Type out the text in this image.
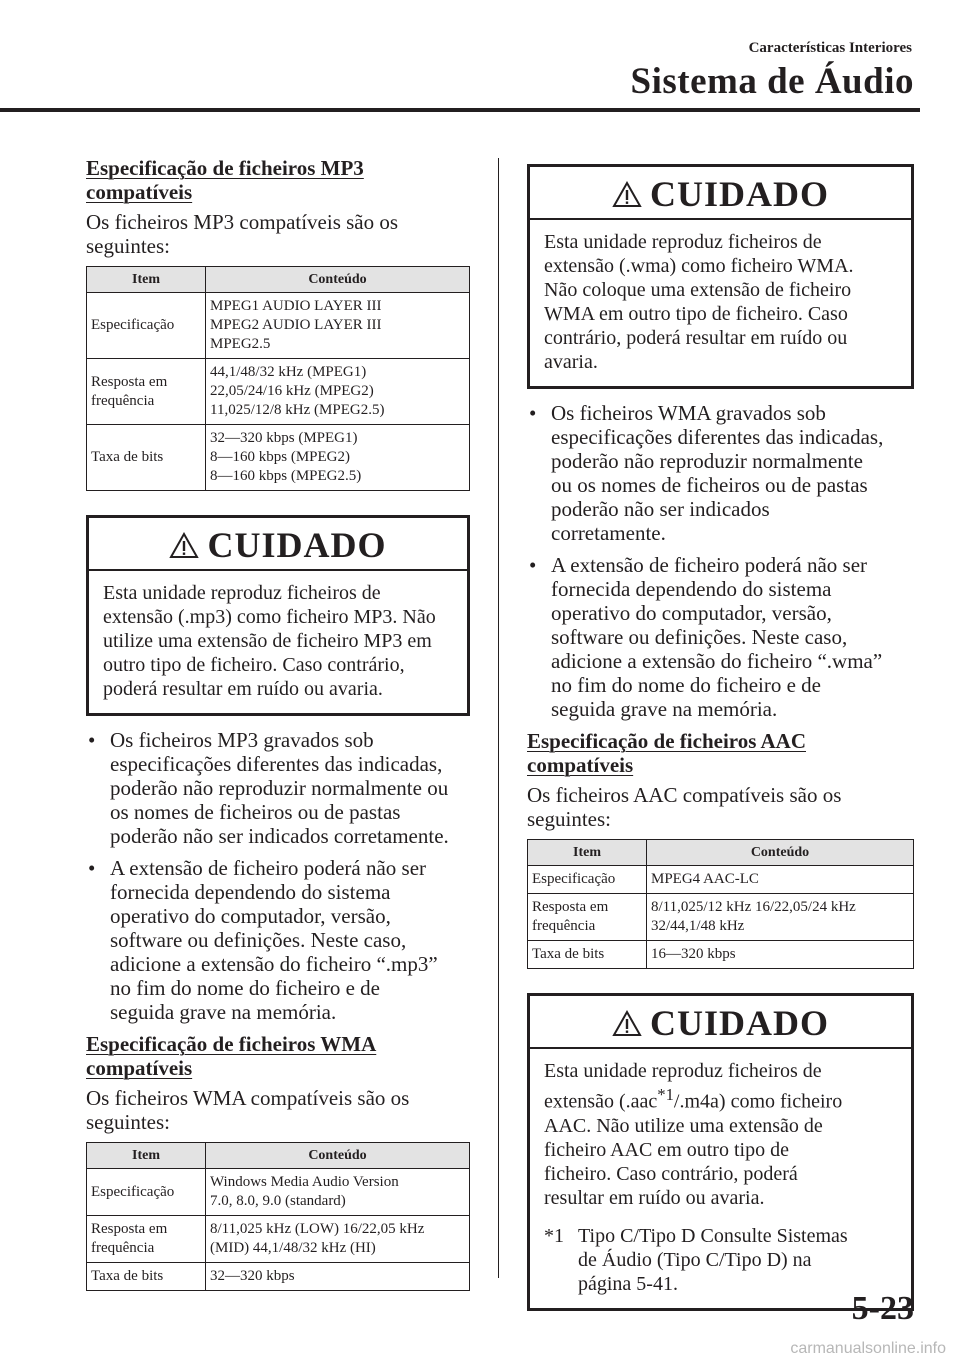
Características Interiores
Sistema de Áudio
Especificação de ficheiros MP3
compatíveis
Os ficheiros MP3 compatíveis são os seguintes:
Item	Conteúdo
Especificação	MPEG1 AUDIO LAYER III
MPEG2 AUDIO LAYER III
MPEG2.5

Resposta em frequência	44,1/48/32 kHz (MPEG1)
22,05/24/16 kHz (MPEG2)
11,025/12/8 kHz (MPEG2.5)

Taxa de bits	32―320 kbps (MPEG1)
8―160 kbps (MPEG2)
8―160 kbps (MPEG2.5)
CUIDADO
Esta unidade reproduz ficheiros de
extensão (.mp3) como ficheiro MP3. Não
utilize uma extensão de ficheiro MP3 em
outro tipo de ficheiro. Caso contrário,
poderá resultar em ruído ou avaria.
• Os ficheiros MP3 gravados sob
especificações diferentes das indicadas,
poderão não reproduzir normalmente ou
os nomes de ficheiros ou de pastas
poderão não ser indicados corretamente.
• A extensão de ficheiro poderá não ser
fornecida dependendo do sistema
operativo do computador, versão,
software ou definições. Neste caso,
adicione a extensão do ficheiro “.mp3”
no fim do nome do ficheiro e de
seguida grave na memória.
Especificação de ficheiros WMA
compatíveis
Os ficheiros WMA compatíveis são os seguintes:
Item	Conteúdo
Especificação	Windows Media Audio Version
7.0, 8.0, 9.0 (standard)

Resposta em frequência	8/11,025 kHz (LOW) 16/22,05 kHz
(MID) 44,1/48/32 kHz (HI)

Taxa de bits	32―320 kbps
CUIDADO
Esta unidade reproduz ficheiros de
extensão (.wma) como ficheiro WMA.
Não coloque uma extensão de ficheiro
WMA em outro tipo de ficheiro. Caso
contrário, poderá resultar em ruído ou
avaria.
• Os ficheiros WMA gravados sob
especificações diferentes das indicadas,
poderão não reproduzir normalmente
ou os nomes de ficheiros ou de pastas
poderão não ser indicados
corretamente.
• A extensão de ficheiro poderá não ser
fornecida dependendo do sistema
operativo do computador, versão,
software ou definições. Neste caso,
adicione a extensão do ficheiro “.wma”
no fim do nome do ficheiro e de
seguida grave na memória.
Especificação de ficheiros AAC
compatíveis
Os ficheiros AAC compatíveis são os seguintes:
Item	Conteúdo
Especificação	MPEG4 AAC-LC

Resposta em frequência	8/11,025/12 kHz 16/22,05/24 kHz
32/44,1/48 kHz

Taxa de bits	16―320 kbps
CUIDADO
Esta unidade reproduz ficheiros de
extensão (.aac$^{*1}$/.m4a) como ficheiro
AAC. Não utilize uma extensão de
ficheiro AAC em outro tipo de
ficheiro. Caso contrário, poderá
resultar em ruído ou avaria.
*1 Tipo C/Tipo D Consulte Sistemas
de Áudio (Tipo C/Tipo D) na
página 5-41.
5-23
carmanualsonline.info
